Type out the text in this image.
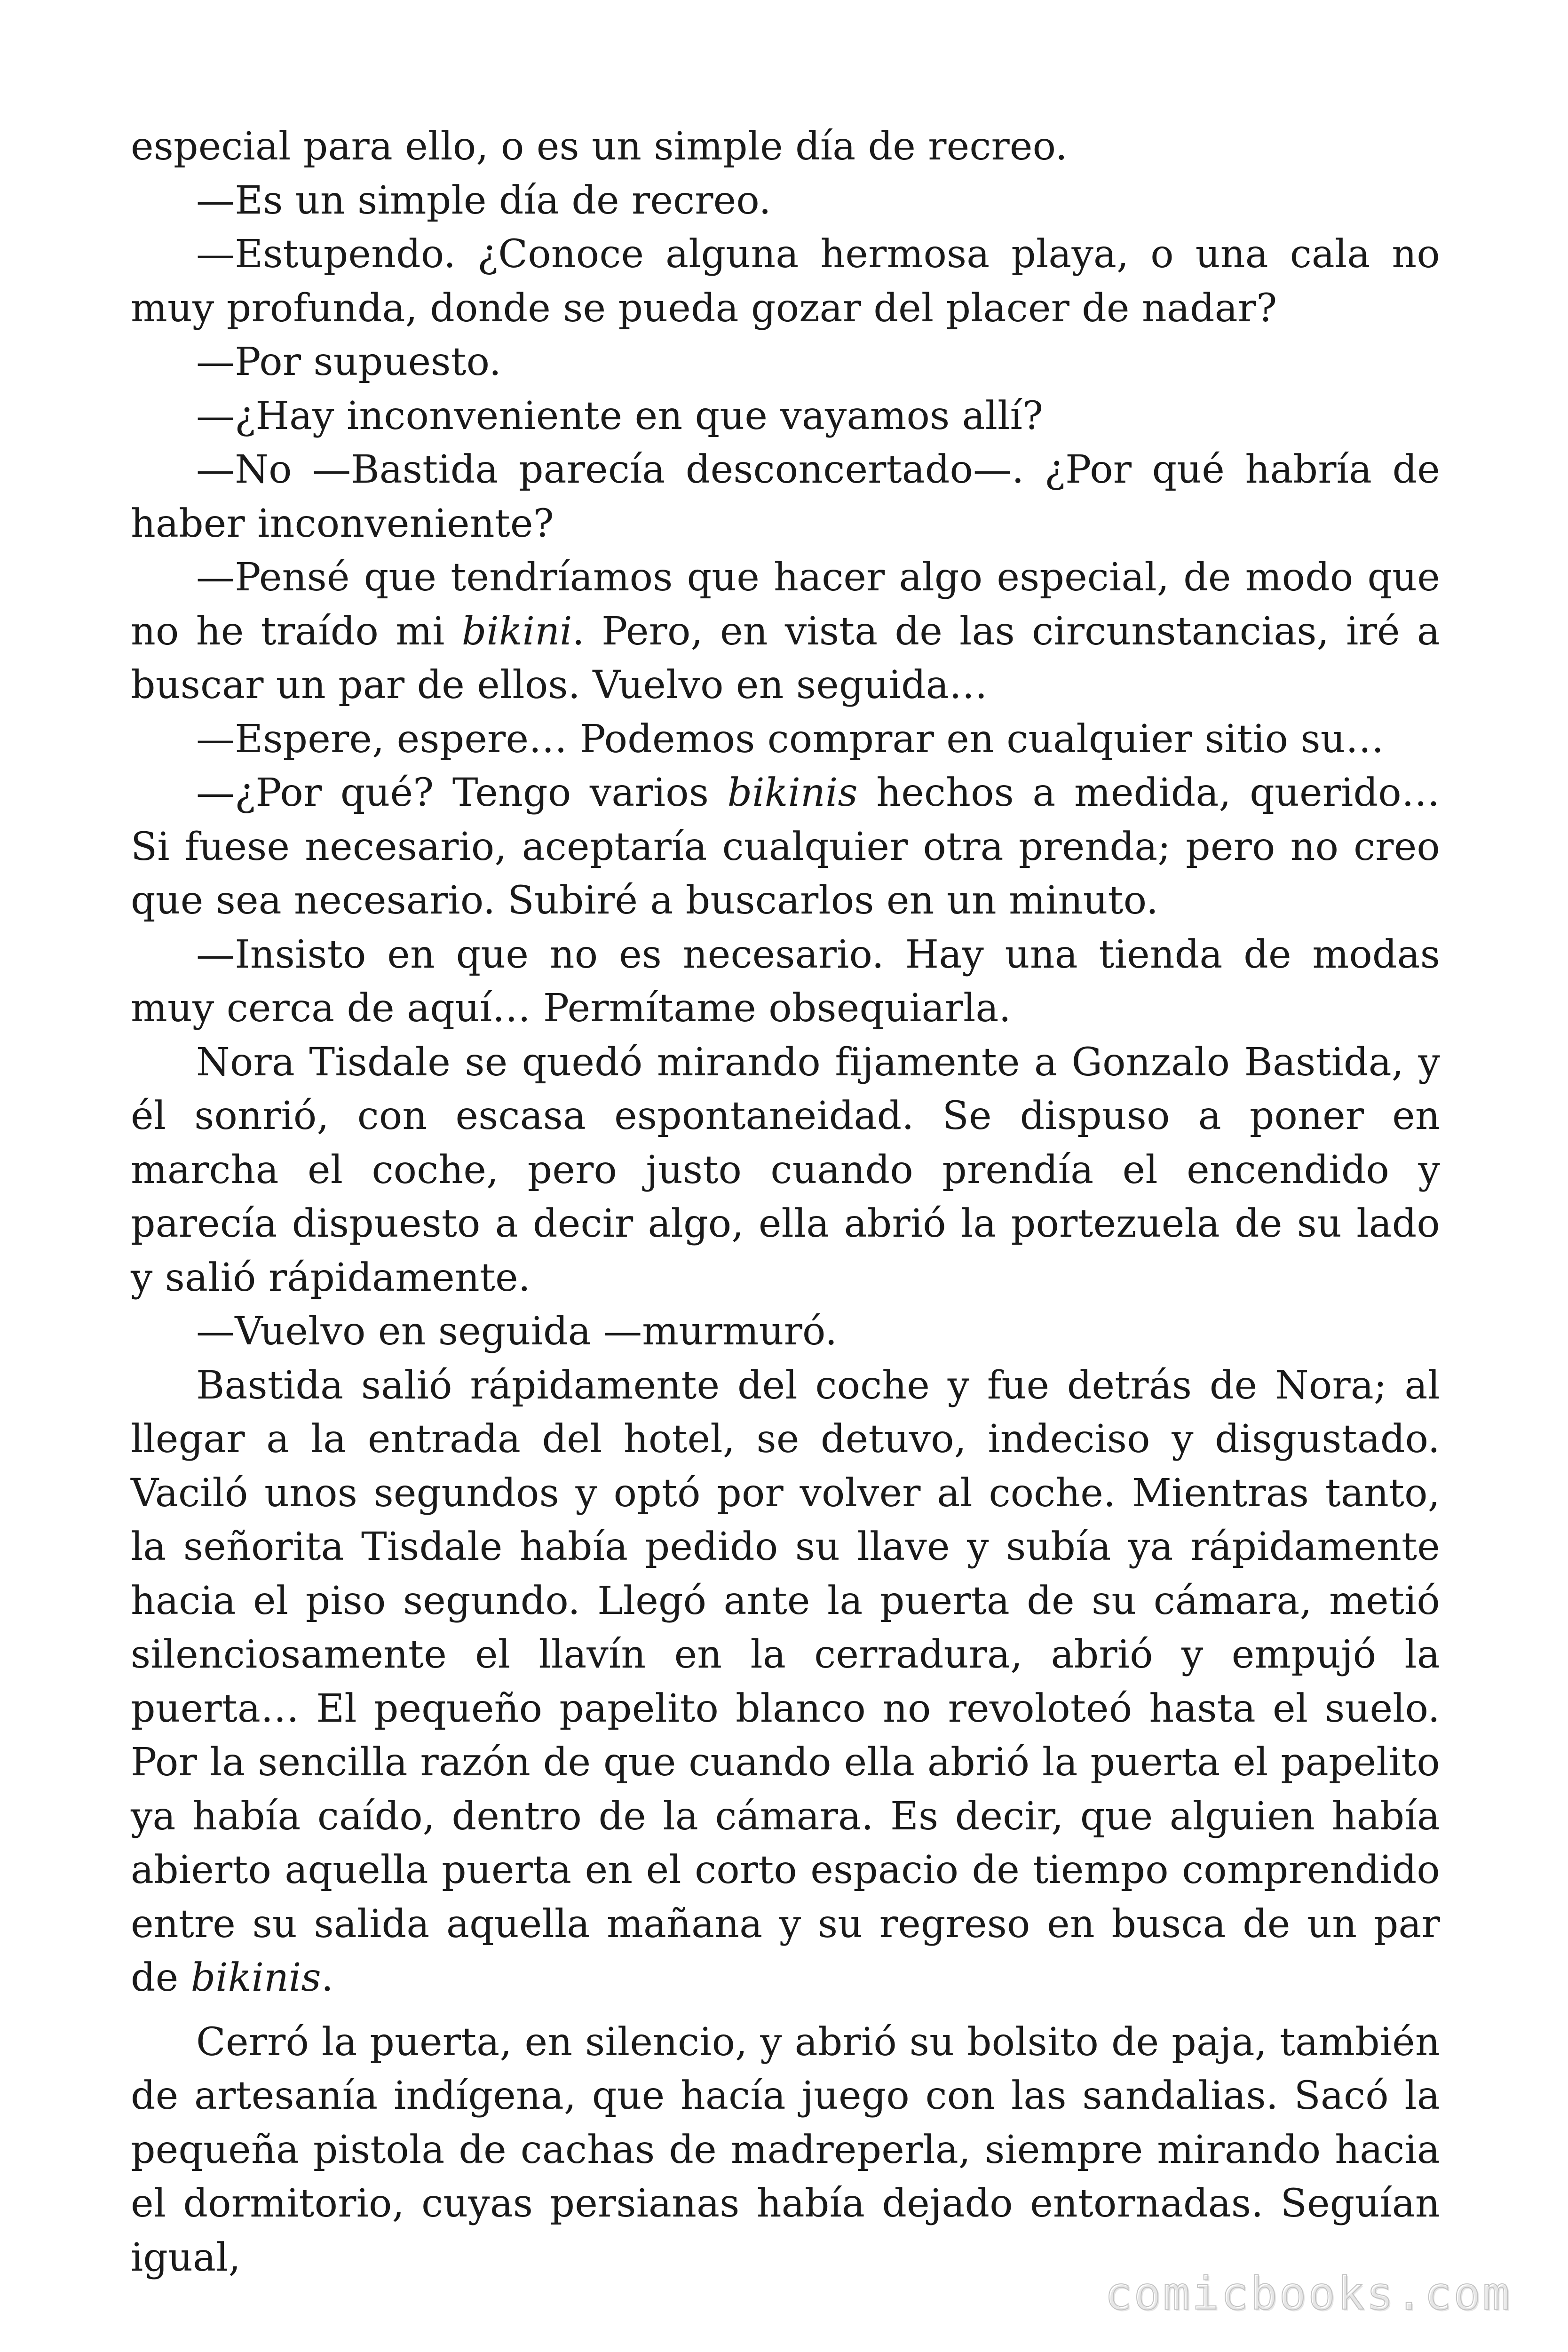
especial para ello, o es un simple día de recreo.

—Es un simple día de recreo.

—Estupendo. ¿Conoce alguna hermosa playa, o una cala no muy profunda, donde se pueda gozar del placer de nadar?

—Por supuesto.

—¿Hay inconveniente en que vayamos allí?

—No —Bastida parecía desconcertado—. ¿Por qué habría de haber inconveniente?

—Pensé que tendríamos que hacer algo especial, de modo que no he traído mi bikini. Pero, en vista de las circunstancias, iré a buscar un par de ellos. Vuelvo en seguida…

—Espere, espere… Podemos comprar en cualquier sitio su…

—¿Por qué? Tengo varios bikinis hechos a medida, querido… Si fuese necesario, aceptaría cualquier otra prenda; pero no creo que sea necesario. Subiré a buscarlos en un minuto.

—Insisto en que no es necesario. Hay una tienda de modas muy cerca de aquí… Permítame obsequiarla.

Nora Tisdale se quedó mirando fijamente a Gonzalo Bastida, y él sonrió, con escasa espontaneidad. Se dispuso a poner en marcha el coche, pero justo cuando prendía el encendido y parecía dispuesto a decir algo, ella abrió la portezuela de su lado y salió rápidamente.

—Vuelvo en seguida —murmuró.

Bastida salió rápidamente del coche y fue detrás de Nora; al llegar a la entrada del hotel, se detuvo, indeciso y disgustado. Vaciló unos segundos y optó por volver al coche. Mientras tanto, la señorita Tisdale había pedido su llave y subía ya rápidamente hacia el piso segundo. Llegó ante la puerta de su cámara, metió silenciosamente el llavín en la cerradura, abrió y empujó la puerta… El pequeño papelito blanco no revoloteó hasta el suelo. Por la sencilla razón de que cuando ella abrió la puerta el papelito ya había caído, dentro de la cámara. Es decir, que alguien había abierto aquella puerta en el corto espacio de tiempo comprendido entre su salida aquella mañana y su regreso en busca de un par de bikinis.

Cerró la puerta, en silencio, y abrió su bolsito de paja, también de artesanía indígena, que hacía juego con las sandalias. Sacó la pequeña pistola de cachas de madreperla, siempre mirando hacia el dormitorio, cuyas persianas había dejado entornadas. Seguían igual,

comicbooks.com
